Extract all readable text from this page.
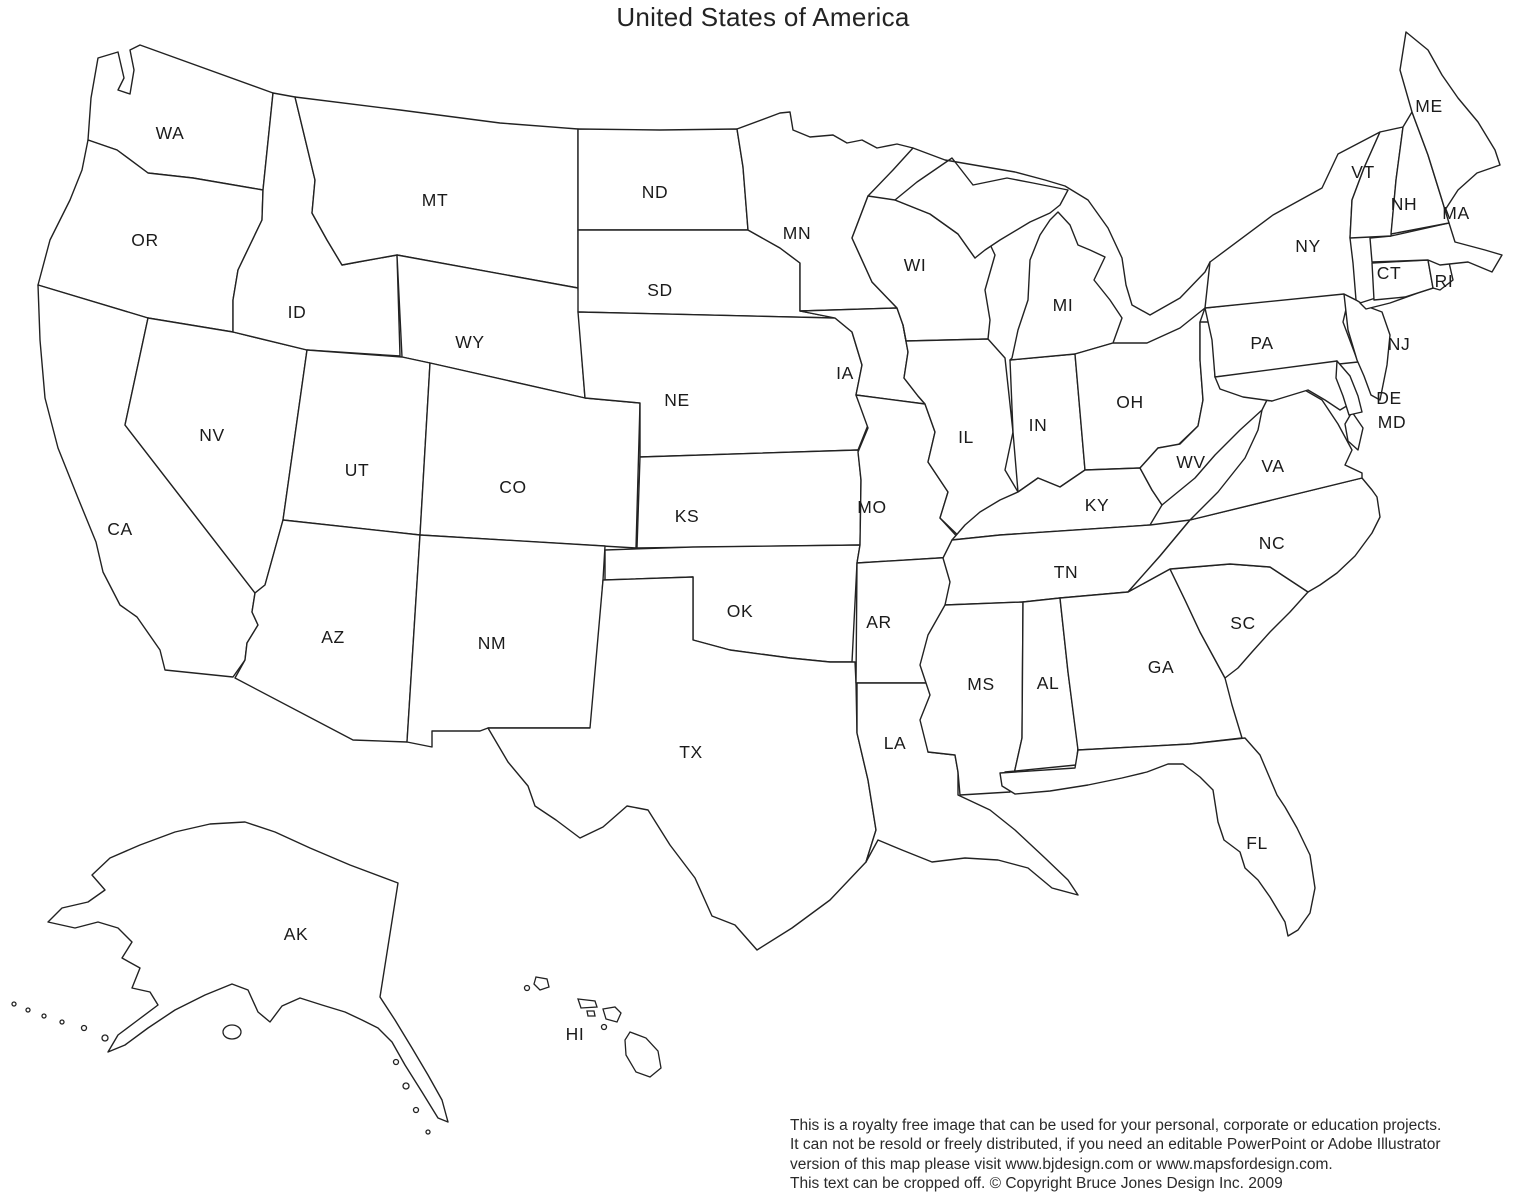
United States of America
WA
OR
CA
NV
ID
MT
WY
UT
CO
AZ	NM
ND
SD
NE
KS
OK
TX
MN
IA
MO
AR
LA
WI
IL
IN
MI
OH
KY
TN
MS AL
GA
FL
SC
NC
VA
WV
PA
NY
ME
VT
NH MA
CT RI
NJ
DE
MD
AK
HI
This is a royalty free image that can be used for your personal, corporate or education projects.
It can not be resold or freely distributed, if you need an editable PowerPoint or Adobe Illustrator
version of this map please visit www.bjdesign.com or www.mapsfordesign.com.
This text can be cropped off. © Copyright Bruce Jones Design Inc. 2009
